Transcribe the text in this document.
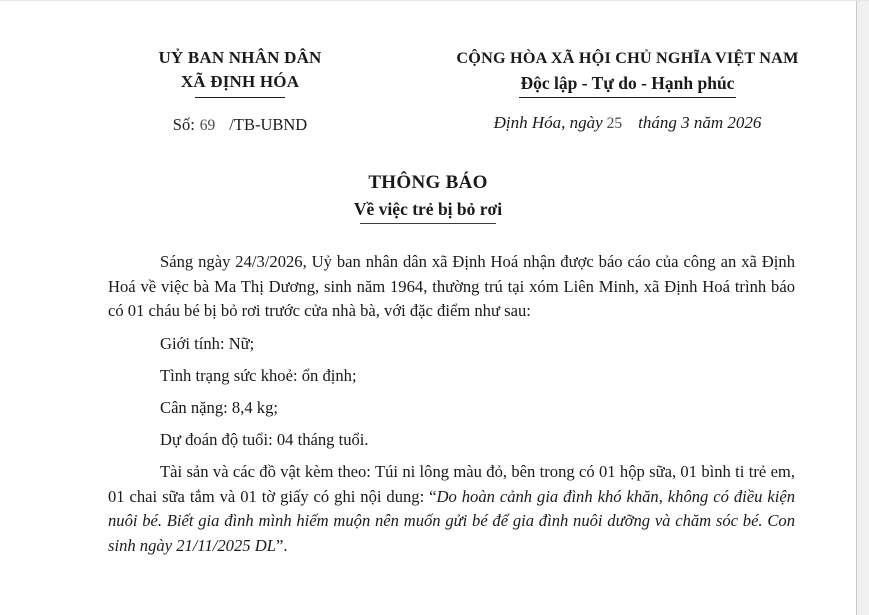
UỶ BAN NHÂN DÂN
XÃ ĐỊNH HÓA
Số: 69 /TB-UBND
CỘNG HÒA XÃ HỘI CHỦ NGHĨA VIỆT NAM
Độc lập - Tự do - Hạnh phúc
Định Hóa, ngày 25 tháng 3 năm 2026
THÔNG BÁO
Về việc trẻ bị bỏ rơi

Sáng ngày 24/3/2026, Uỷ ban nhân dân xã Định Hoá nhận được báo cáo của công an xã Định Hoá về việc bà Ma Thị Dương, sinh năm 1964, thường trú tại xóm Liên Minh, xã Định Hoá trình báo có 01 cháu bé bị bỏ rơi trước cửa nhà bà, với đặc điểm như sau:

Giới tính: Nữ;

Tình trạng sức khoẻ: ổn định;

Cân nặng: 8,4 kg;

Dự đoán độ tuổi: 04 tháng tuổi.

Tài sản và các đồ vật kèm theo: Túi ni lông màu đỏ, bên trong có 01 hộp sữa, 01 bình ti trẻ em, 01 chai sữa tắm và 01 tờ giấy có ghi nội dung: “Do hoàn cảnh gia đình khó khăn, không có điều kiện nuôi bé. Biết gia đình mình hiếm muộn nên muốn gửi bé để gia đình nuôi dưỡng và chăm sóc bé. Con sinh ngày 21/11/2025 DL”.
